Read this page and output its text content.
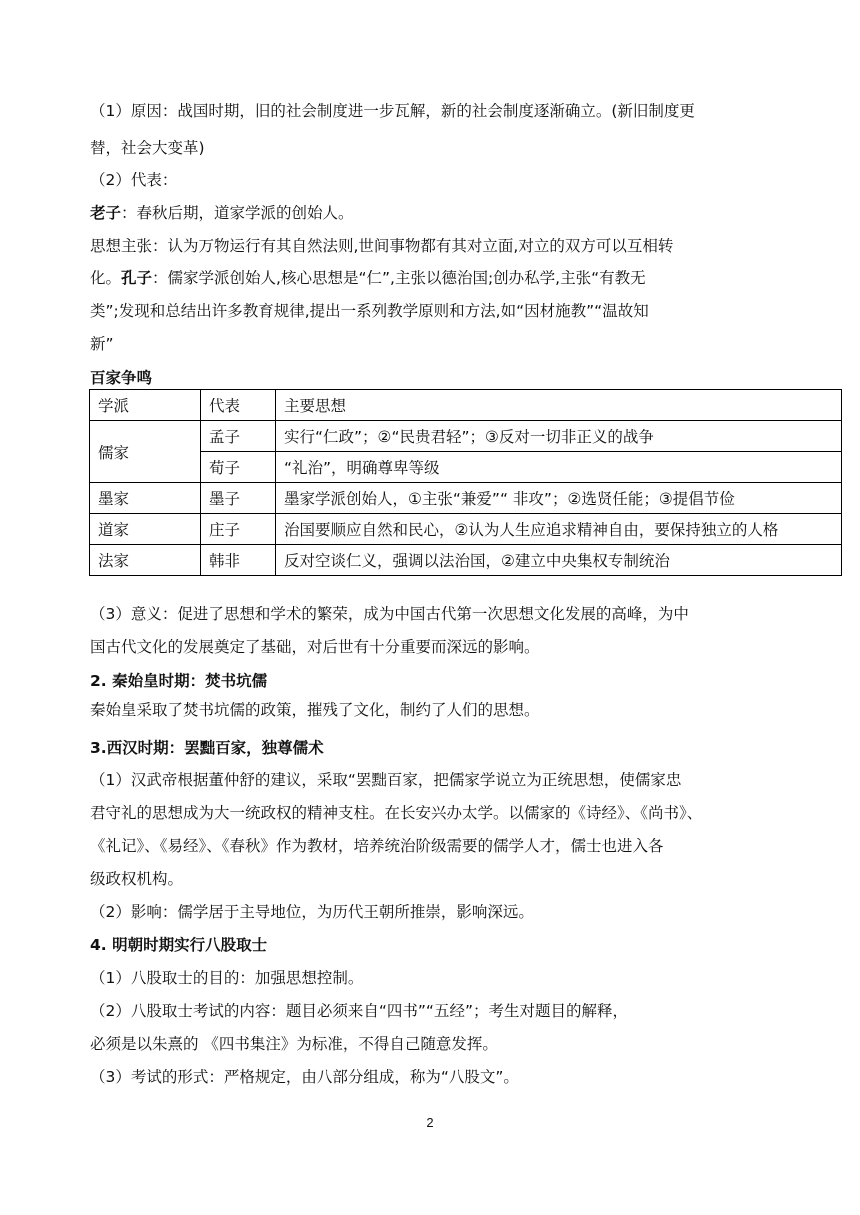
（1）原因：战国时期，旧的社会制度进一步瓦解，新的社会制度逐渐确立。(新旧制度更
替，社会大变革)
（2）代表：
老子：春秋后期，道家学派的创始人。
思想主张：认为万物运行有其自然法则,世间事物都有其对立面,对立的双方可以互相转
化。孔子：儒家学派创始人,核心思想是“仁”,主张以德治国;创办私学,主张“有教无
类”;发现和总结出许多教育规律,提出一系列教学原则和方法,如“因材施教”“温故知
新”
百家争鸣
学派	代表	主要思想
儒家	孟子	实行“仁政”；②“民贵君轻”；③反对一切非正义的战争
	荀子	“礼治”，明确尊卑等级
墨家	墨子	墨家学派创始人，①主张“兼爱”“ 非攻”；②选贤任能；③提倡节俭
道家	庄子	治国要顺应自然和民心，②认为人生应追求精神自由，要保持独立的人格
法家	韩非	反对空谈仁义，强调以法治国，②建立中央集权专制统治
（3）意义：促进了思想和学术的繁荣，成为中国古代第一次思想文化发展的高峰，为中
国古代文化的发展奠定了基础，对后世有十分重要而深远的影响。
2. 秦始皇时期：焚书坑儒
秦始皇采取了焚书坑儒的政策，摧残了文化，制约了人们的思想。
3.西汉时期：罢黜百家，独尊儒术
（1）汉武帝根据董仲舒的建议，采取“罢黜百家，把儒家学说立为正统思想，使儒家忠
君守礼的思想成为大一统政权的精神支柱。在长安兴办太学。以儒家的《诗经》、《尚书》、
《礼记》、《易经》、《春秋》作为教材，培养统治阶级需要的儒学人才，儒士也进入各
级政权机构。
（2）影响：儒学居于主导地位，为历代王朝所推崇，影响深远。
4. 明朝时期实行八股取士
（1）八股取士的目的：加强思想控制。
（2）八股取士考试的内容：题目必须来自“四书”“五经”；考生对题目的解释，
必须是以朱熹的 《四书集注》为标准，不得自己随意发挥。
（3）考试的形式：严格规定，由八部分组成，称为“八股文”。
2
